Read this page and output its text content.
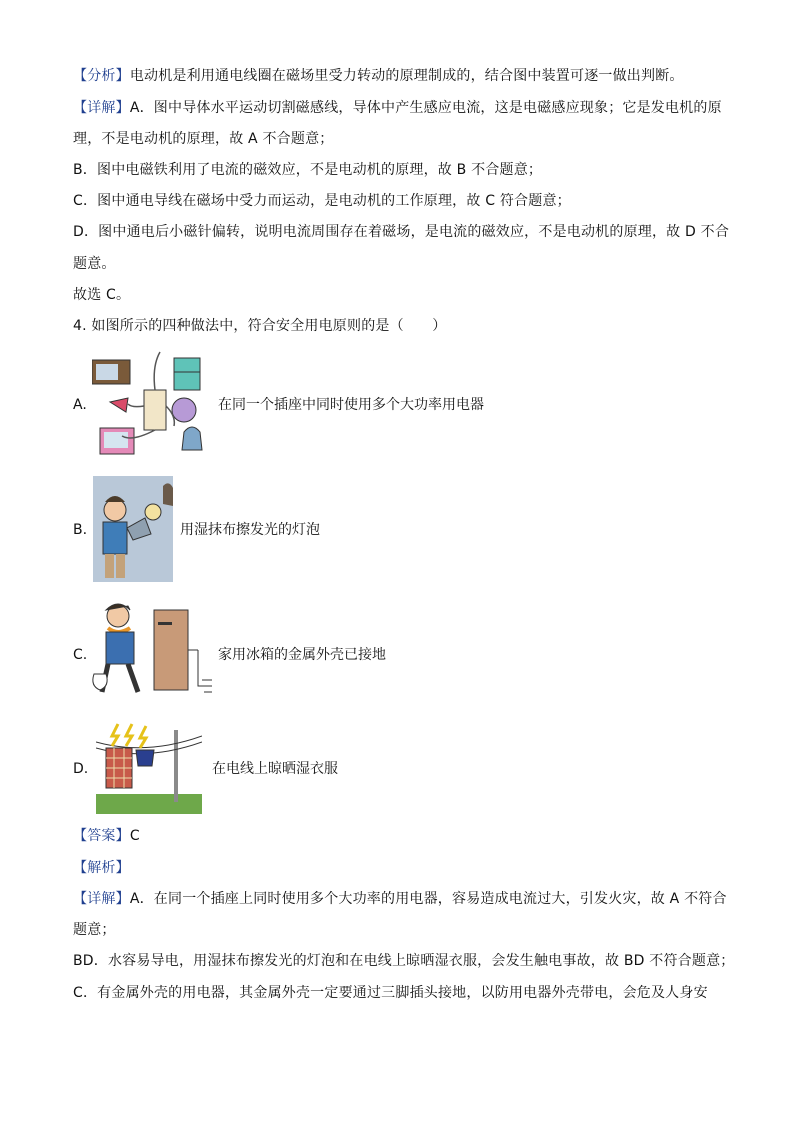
【分析】电动机是利用通电线圈在磁场里受力转动的原理制成的，结合图中装置可逐一做出判断。
【详解】A．图中导体水平运动切割磁感线，导体中产生感应电流，这是电磁感应现象；它是发电机的原
理，不是电动机的原理，故 A 不合题意；
B．图中电磁铁利用了电流的磁效应，不是电动机的原理，故 B 不合题意；
C．图中通电导线在磁场中受力而运动，是电动机的工作原理，故 C 符合题意；
D．图中通电后小磁针偏转，说明电流周围存在着磁场，是电流的磁效应，不是电动机的原理，故 D 不合
题意。
故选 C。
4. 如图所示的四种做法中，符合安全用电原则的是（　　）
A.	在同一个插座中同时使用多个大功率用电器
B.	用湿抹布擦发光的灯泡
C.	家用冰箱的金属外壳已接地
D.	在电线上晾晒湿衣服
【答案】C
【解析】
【详解】A．在同一个插座上同时使用多个大功率的用电器，容易造成电流过大，引发火灾，故 A 不符合
题意；
BD．水容易导电，用湿抹布擦发光的灯泡和在电线上晾晒湿衣服，会发生触电事故，故 BD 不符合题意；
C．有金属外壳的用电器，其金属外壳一定要通过三脚插头接地，以防用电器外壳带电，会危及人身安
